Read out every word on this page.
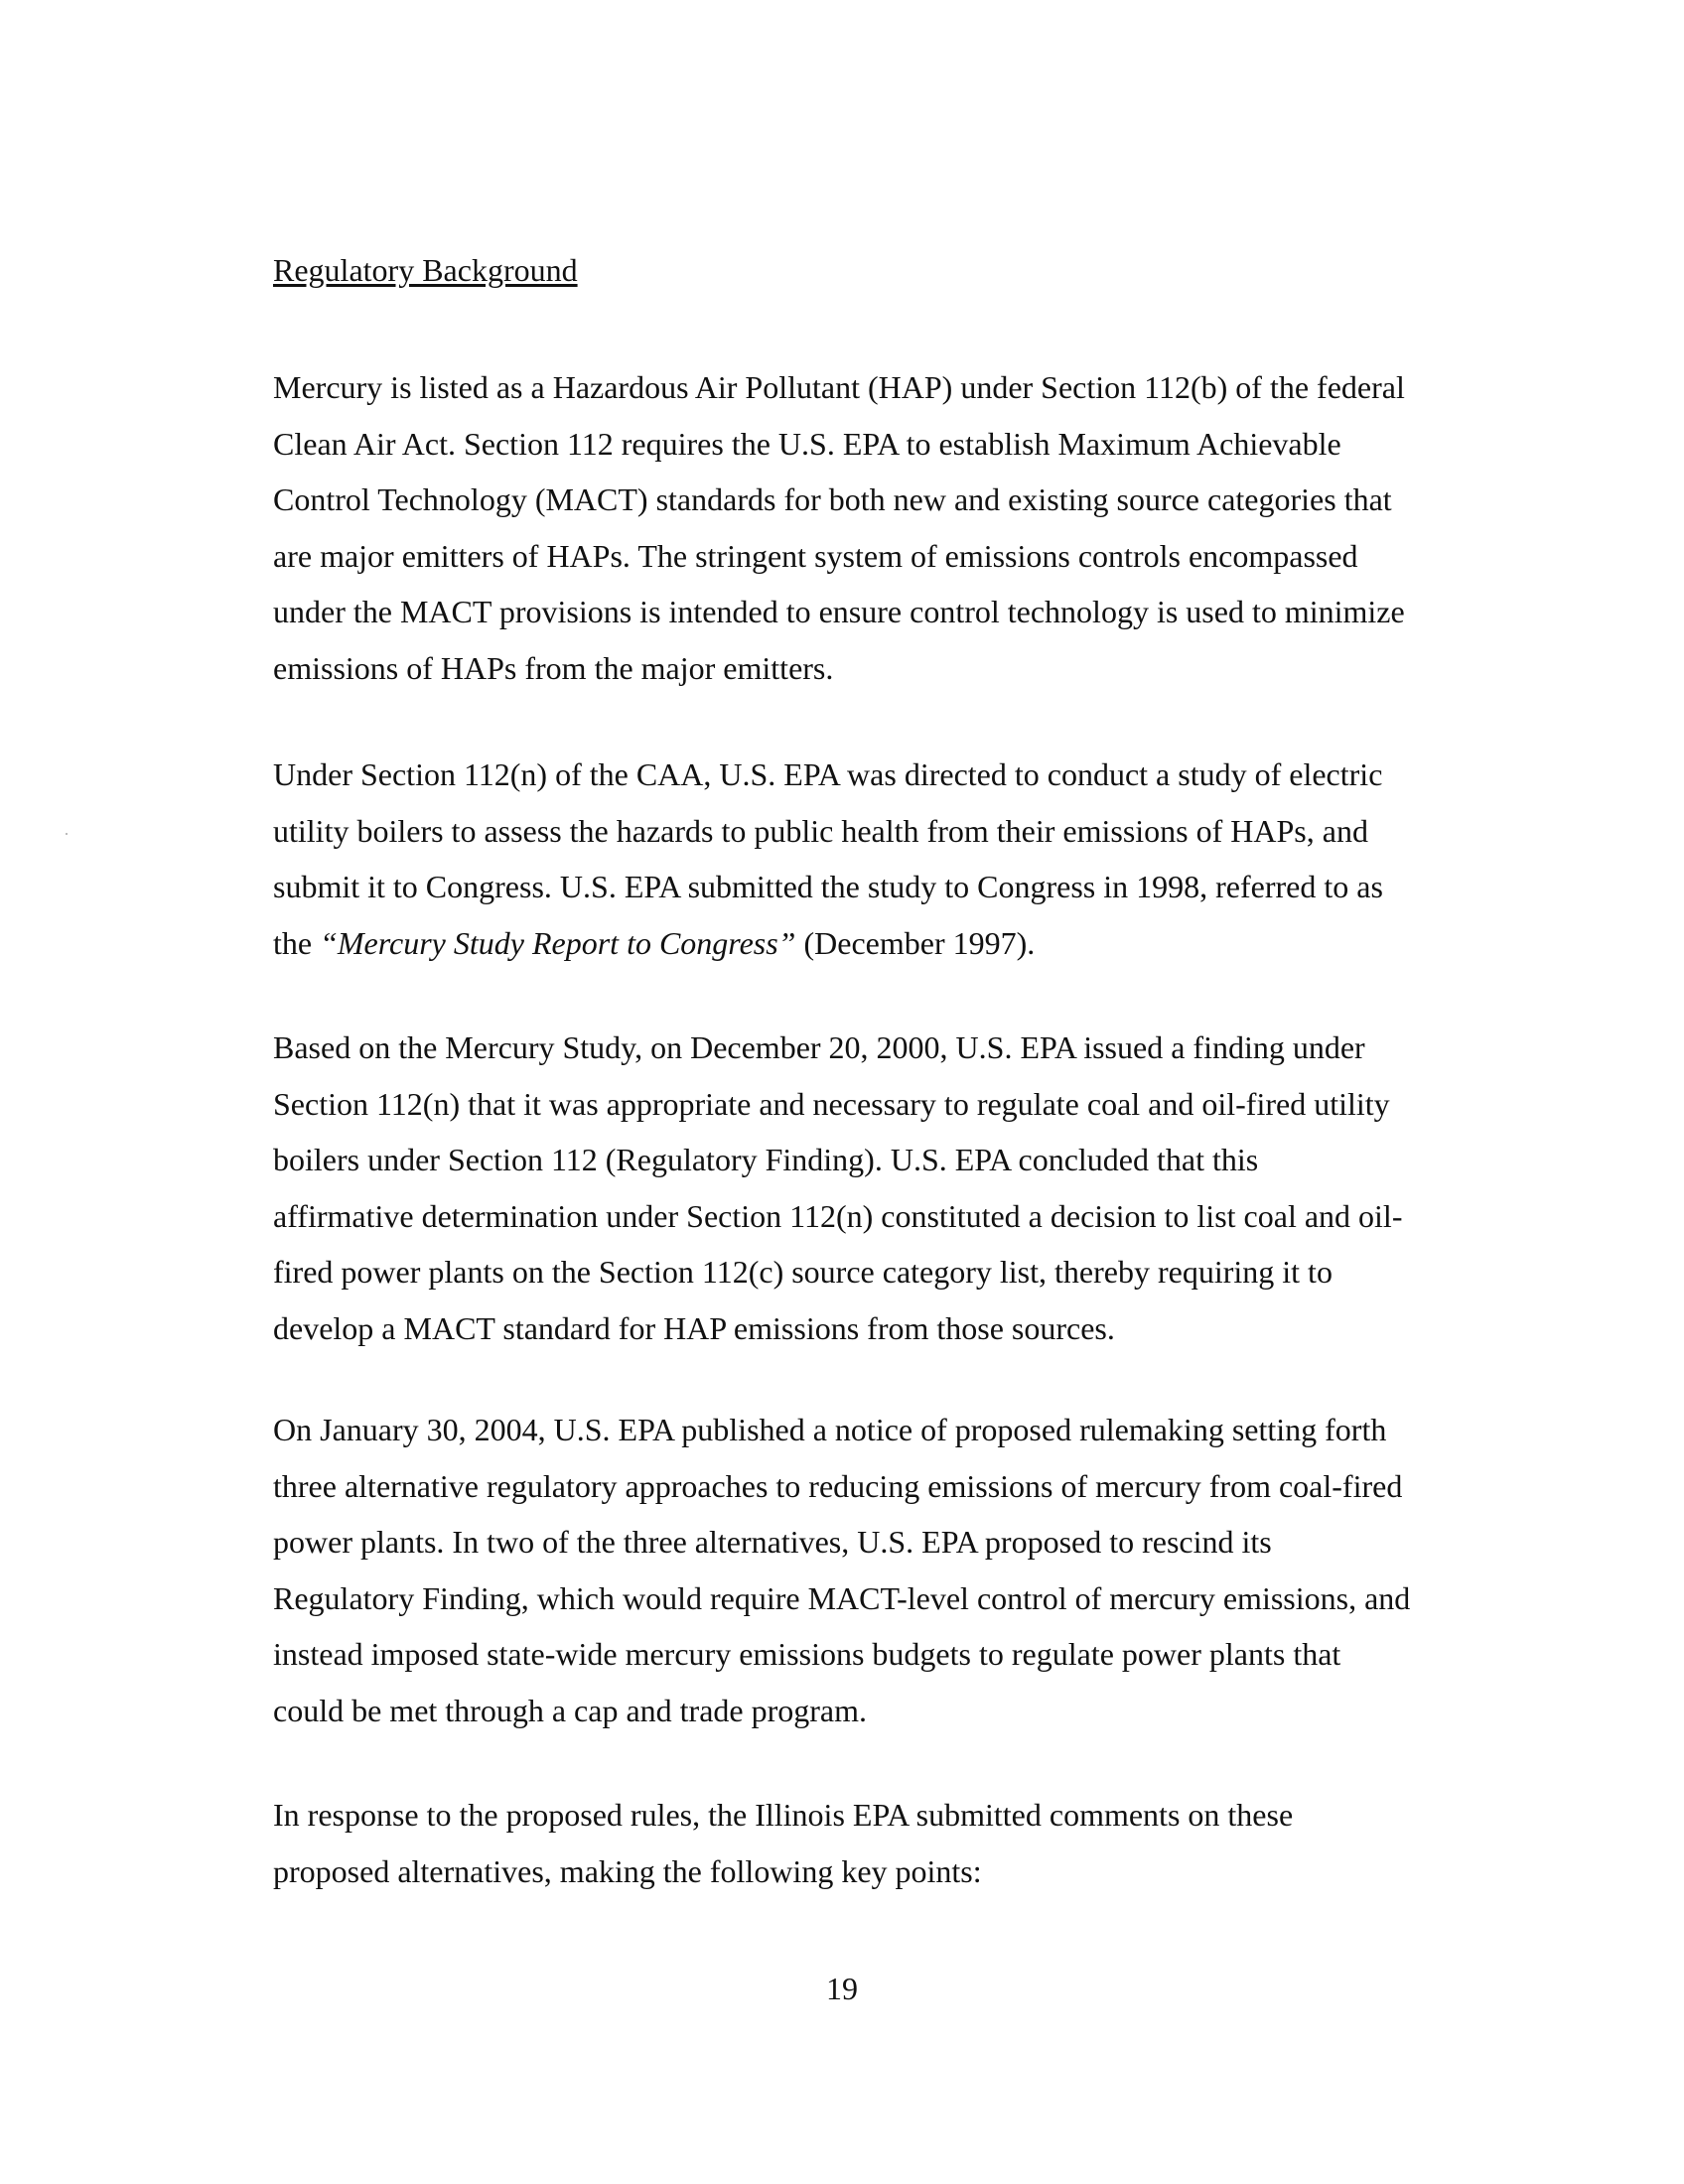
Regulatory Background

Mercury is listed as a Hazardous Air Pollutant (HAP) under Section 112(b) of the federal
Clean Air Act. Section 112 requires the U.S. EPA to establish Maximum Achievable
Control Technology (MACT) standards for both new and existing source categories that
are major emitters of HAPs. The stringent system of emissions controls encompassed
under the MACT provisions is intended to ensure control technology is used to minimize
emissions of HAPs from the major emitters.

Under Section 112(n) of the CAA, U.S. EPA was directed to conduct a study of electric
utility boilers to assess the hazards to public health from their emissions of HAPs, and
submit it to Congress. U.S. EPA submitted the study to Congress in 1998, referred to as
the “Mercury Study Report to Congress” (December 1997).

Based on the Mercury Study, on December 20, 2000, U.S. EPA issued a finding under
Section 112(n) that it was appropriate and necessary to regulate coal and oil-fired utility
boilers under Section 112 (Regulatory Finding). U.S. EPA concluded that this
affirmative determination under Section 112(n) constituted a decision to list coal and oil-
fired power plants on the Section 112(c) source category list, thereby requiring it to
develop a MACT standard for HAP emissions from those sources.

On January 30, 2004, U.S. EPA published a notice of proposed rulemaking setting forth
three alternative regulatory approaches to reducing emissions of mercury from coal-fired
power plants. In two of the three alternatives, U.S. EPA proposed to rescind its
Regulatory Finding, which would require MACT-level control of mercury emissions, and
instead imposed state-wide mercury emissions budgets to regulate power plants that
could be met through a cap and trade program.

In response to the proposed rules, the Illinois EPA submitted comments on these
proposed alternatives, making the following key points:

19
